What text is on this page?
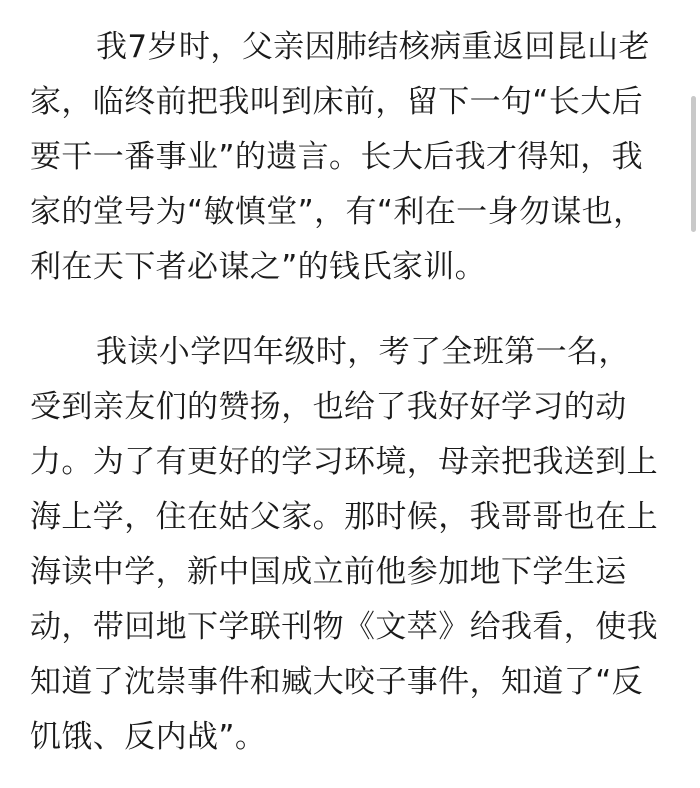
我7岁时，父亲因肺结核病重返回昆山老
家，临终前把我叫到床前，留下一句“长大后
要干一番事业”的遗言。长大后我才得知，我
家的堂号为“敏慎堂”，有“利在一身勿谋也，
利在天下者必谋之”的钱氏家训。
我读小学四年级时，考了全班第一名，
受到亲友们的赞扬，也给了我好好学习的动
力。为了有更好的学习环境，母亲把我送到上
海上学，住在姑父家。那时候，我哥哥也在上
海读中学，新中国成立前他参加地下学生运
动，带回地下学联刊物《文萃》给我看，使我
知道了沈崇事件和臧大咬子事件，知道了“反
饥饿、反内战”。
